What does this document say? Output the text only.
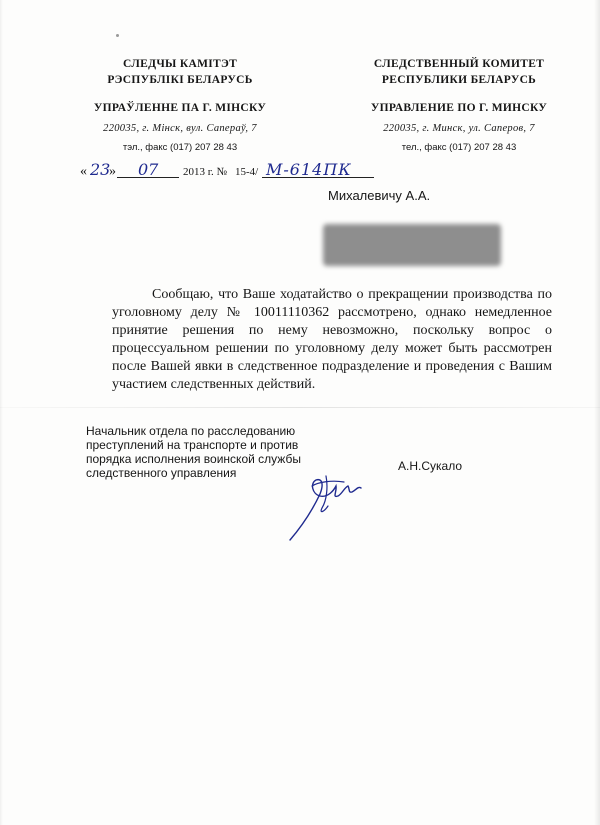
СЛЕДЧЫ КАМІТЭТ
РЭСПУБЛІКІ БЕЛАРУСЬ
УПРАЎЛЕННЕ ПА Г. МІНСКУ
220035, г. Мінск, вул. Сапераў, 7
тэл., факс (017) 207 28 43
СЛЕДСТВЕННЫЙ КОМИТЕТ
РЕСПУБЛИКИ БЕЛАРУСЬ
УПРАВЛЕНИЕ ПО Г. МИНСКУ
220035, г. Минск, ул. Саперов, 7
тел., факс (017) 207 28 43
« 23
» 07 2013 г. № 15-4/ М-614ПК
Михалевичу А.А.
Сообщаю, что Ваше ходатайство о прекращении производства по уголовному делу № 10011110362 рассмотрено, однако немедленное принятие решения по нему невозможно, поскольку вопрос о процессуальном решении по уголовному делу может быть рассмотрен после Вашей явки в следственное подразделение и проведения с Вашим участием следственных действий.
Начальник отдела по расследованию
преступлений на транспорте и против
порядка исполнения воинской службы
следственного управления	А.Н.Сукало
